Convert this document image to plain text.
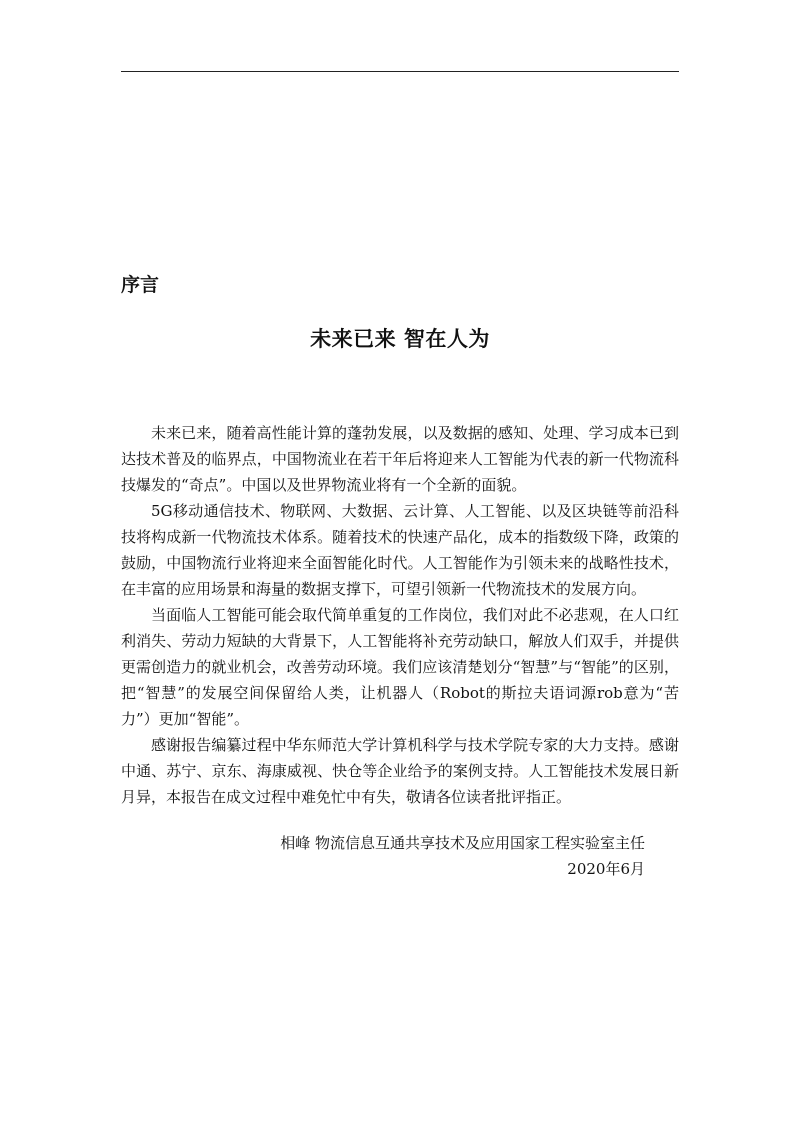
序言
未来已来 智在人为

未来已来，随着高性能计算的蓬勃发展，以及数据的感知、处理、学习成本已到达技术普及的临界点，中国物流业在若干年后将迎来人工智能为代表的新一代物流科技爆发的“奇点”。中国以及世界物流业将有一个全新的面貌。

5G移动通信技术、物联网、大数据、云计算、人工智能、以及区块链等前沿科技将构成新一代物流技术体系。随着技术的快速产品化，成本的指数级下降，政策的鼓励，中国物流行业将迎来全面智能化时代。人工智能作为引领未来的战略性技术，在丰富的应用场景和海量的数据支撑下，可望引领新一代物流技术的发展方向。

当面临人工智能可能会取代简单重复的工作岗位，我们对此不必悲观，在人口红利消失、劳动力短缺的大背景下，人工智能将补充劳动缺口，解放人们双手，并提供更需创造力的就业机会，改善劳动环境。我们应该清楚划分“智慧”与“智能”的区别，把“智慧”的发展空间保留给人类，让机器人（Robot的斯拉夫语词源rob意为“苦力”）更加“智能”。

感谢报告编纂过程中华东师范大学计算机科学与技术学院专家的大力支持。感谢中通、苏宁、京东、海康威视、快仓等企业给予的案例支持。人工智能技术发展日新月异，本报告在成文过程中难免忙中有失，敬请各位读者批评指正。

相峰 物流信息互通共享技术及应用国家工程实验室主任
2020年6月
